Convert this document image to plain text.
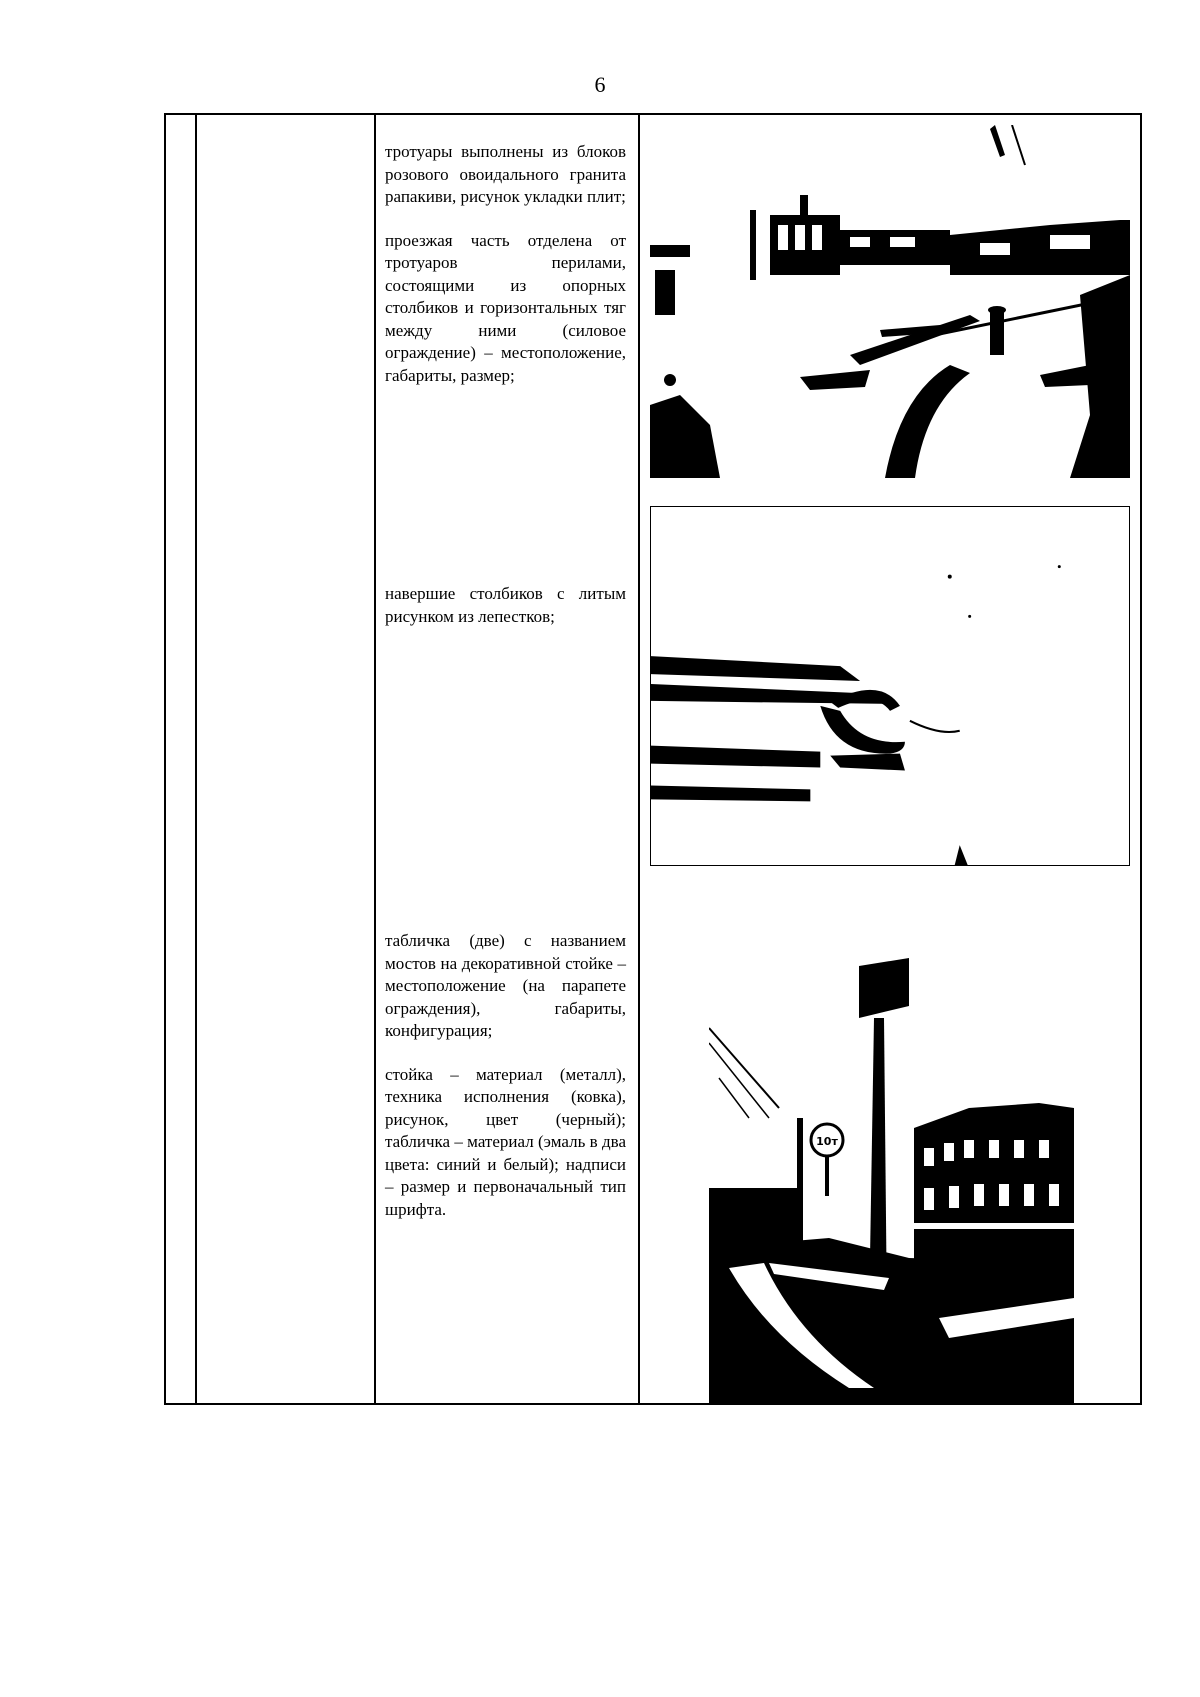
6

тротуары выполнены из блоков розового овоидального гранита рапакиви, рисунок укладки плит;

проезжая часть отделена от тротуаров перилами, состоящими из опорных столбиков и горизонтальных тяг между ними (силовое ограждение) – местоположение, габариты, размер;

навершие столбиков с литым рисунком из лепестков;

табличка (две) с названием мостов на декоративной стойке – местоположение (на парапете ограждения), габариты, конфигурация;

стойка – материал (металл), техника исполнения (ковка), рисунок, цвет (черный); табличка – материал (эмаль в два цвета: синий и белый); надписи – размер и первоначальный тип шрифта.

10т
